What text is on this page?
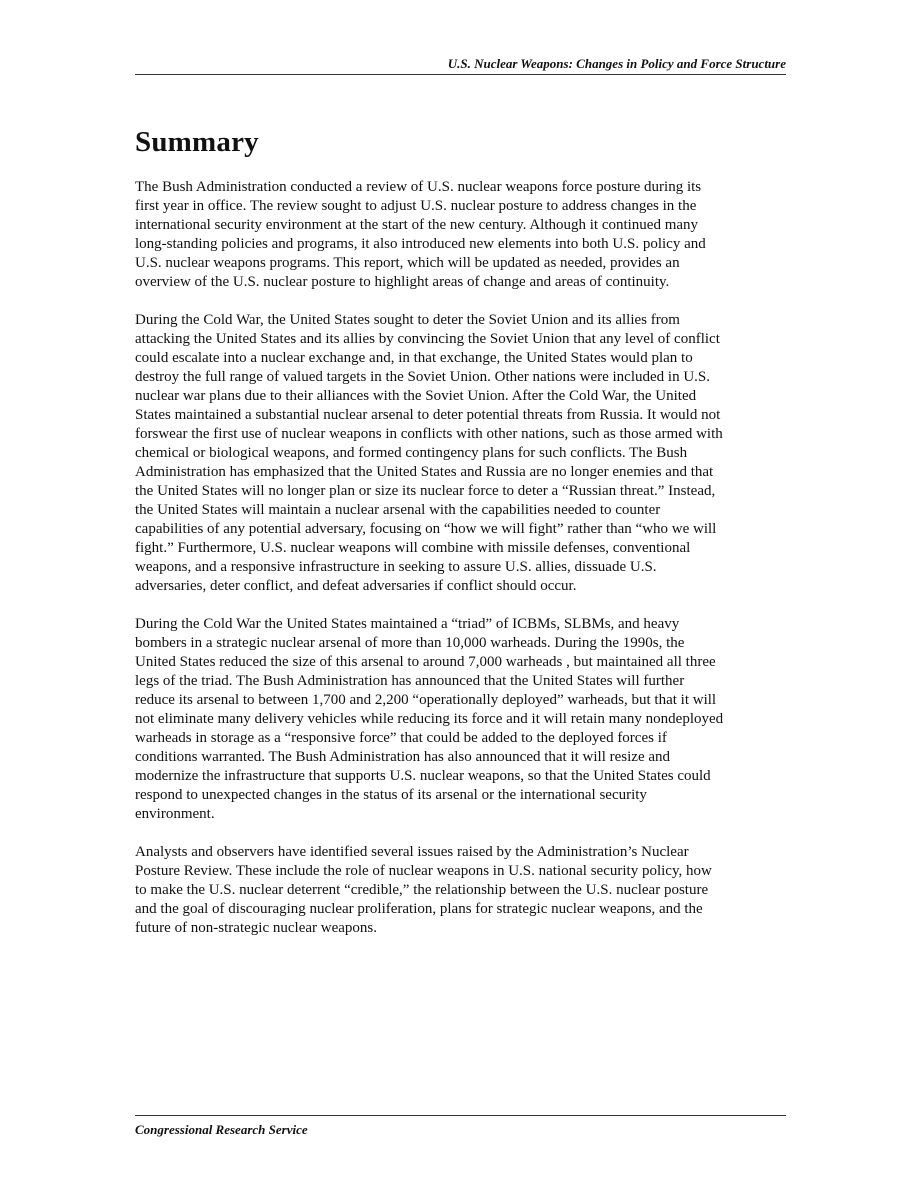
U.S. Nuclear Weapons: Changes in Policy and Force Structure
Summary

The Bush Administration conducted a review of U.S. nuclear weapons force posture during its
first year in office. The review sought to adjust U.S. nuclear posture to address changes in the
international security environment at the start of the new century. Although it continued many
long-standing policies and programs, it also introduced new elements into both U.S. policy and
U.S. nuclear weapons programs. This report, which will be updated as needed, provides an
overview of the U.S. nuclear posture to highlight areas of change and areas of continuity.

During the Cold War, the United States sought to deter the Soviet Union and its allies from
attacking the United States and its allies by convincing the Soviet Union that any level of conflict
could escalate into a nuclear exchange and, in that exchange, the United States would plan to
destroy the full range of valued targets in the Soviet Union. Other nations were included in U.S.
nuclear war plans due to their alliances with the Soviet Union. After the Cold War, the United
States maintained a substantial nuclear arsenal to deter potential threats from Russia. It would not
forswear the first use of nuclear weapons in conflicts with other nations, such as those armed with
chemical or biological weapons, and formed contingency plans for such conflicts. The Bush
Administration has emphasized that the United States and Russia are no longer enemies and that
the United States will no longer plan or size its nuclear force to deter a “Russian threat.” Instead,
the United States will maintain a nuclear arsenal with the capabilities needed to counter
capabilities of any potential adversary, focusing on “how we will fight” rather than “who we will
fight.” Furthermore, U.S. nuclear weapons will combine with missile defenses, conventional
weapons, and a responsive infrastructure in seeking to assure U.S. allies, dissuade U.S.
adversaries, deter conflict, and defeat adversaries if conflict should occur.

During the Cold War the United States maintained a “triad” of ICBMs, SLBMs, and heavy
bombers in a strategic nuclear arsenal of more than 10,000 warheads. During the 1990s, the
United States reduced the size of this arsenal to around 7,000 warheads , but maintained all three
legs of the triad. The Bush Administration has announced that the United States will further
reduce its arsenal to between 1,700 and 2,200 “operationally deployed” warheads, but that it will
not eliminate many delivery vehicles while reducing its force and it will retain many nondeployed
warheads in storage as a “responsive force” that could be added to the deployed forces if
conditions warranted. The Bush Administration has also announced that it will resize and
modernize the infrastructure that supports U.S. nuclear weapons, so that the United States could
respond to unexpected changes in the status of its arsenal or the international security
environment.

Analysts and observers have identified several issues raised by the Administration’s Nuclear
Posture Review. These include the role of nuclear weapons in U.S. national security policy, how
to make the U.S. nuclear deterrent “credible,” the relationship between the U.S. nuclear posture
and the goal of discouraging nuclear proliferation, plans for strategic nuclear weapons, and the
future of non-strategic nuclear weapons.

Congressional Research Service
